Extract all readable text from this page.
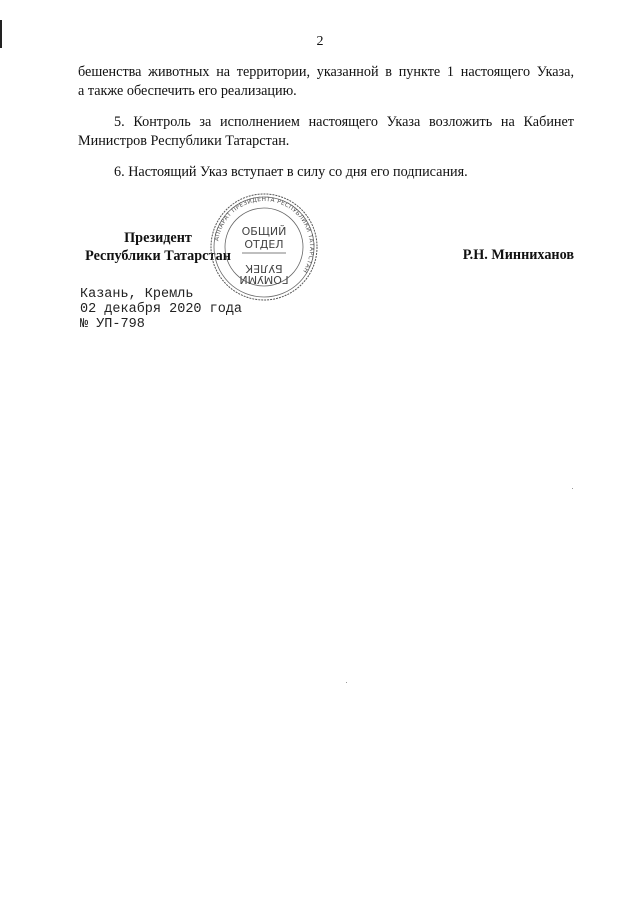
2
бешенства животных на территории, указанной в пункте 1 настоящего Указа,
а также обеспечить его реализацию.
5. Контроль за исполнением настоящего Указа возложить на Кабинет
Министров Республики Татарстан.
6. Настоящий Указ вступает в силу со дня его подписания.
Президент
Республики Татарстан
АППАРАТ ПРЕЗИДЕНТА РЕСПУБЛИКИ ТАТАРСТАН
ОБЩИЙ
ОТДЕЛ
БУЛЕК
ГОМУМИ
Р.Н. Минниханов
Казань, Кремль
02 декабря 2020 года
№ УП-798
